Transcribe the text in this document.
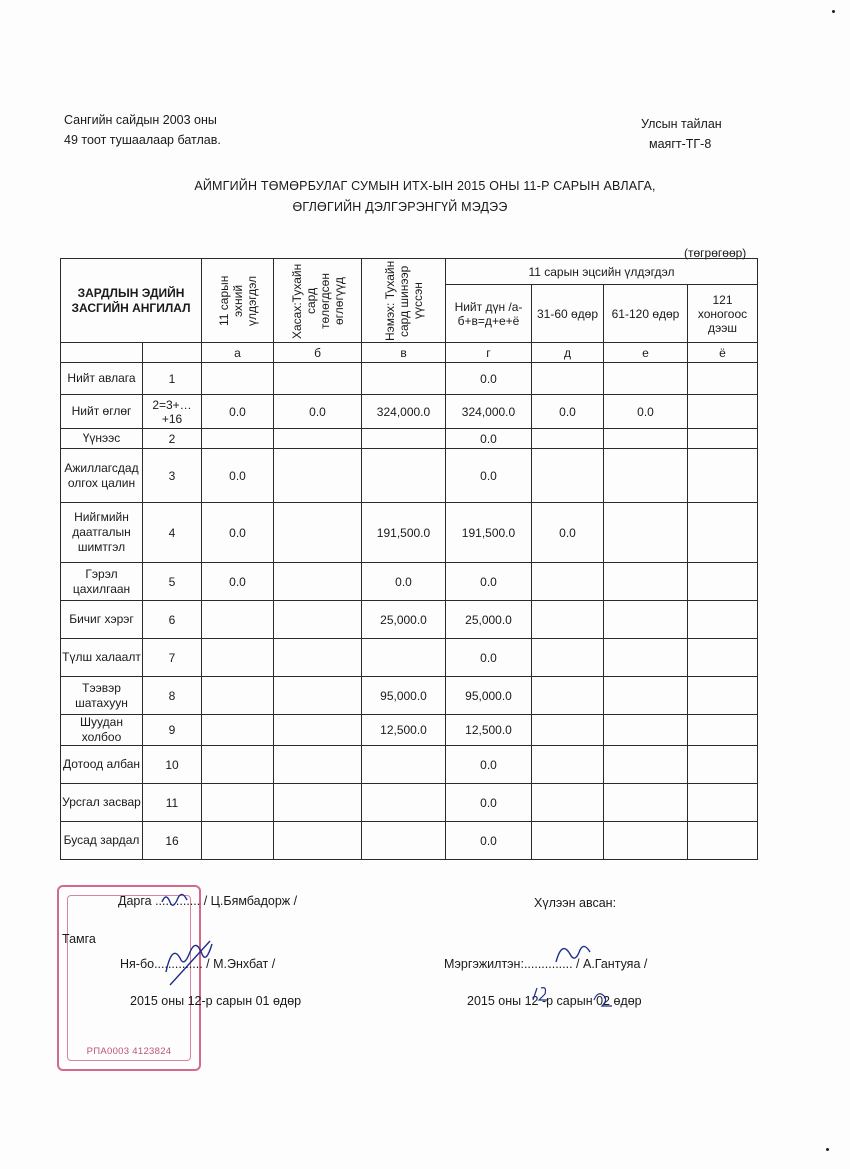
Сангийн сайдын 2003 оны
49 тоот тушаалаар батлав.
Улсын тайлан
маягт-ТГ-8
АЙМГИЙН ТӨМӨРБУЛАГ СУМЫН ИТХ-ЫН 2015 ОНЫ 11-Р САРЫН АВЛАГА,
ӨГЛӨГИЙН ДЭЛГЭРЭНГҮЙ МЭДЭЭ
(төгрөгөөр)
ЗАРДЛЫН ЭДИЙН ЗАСГИЙН АНГИЛАЛ		11 сарын эхний үлдэгдэл	Хасах:Тухайн сард төлөгдсөн өглөгүүд	Нэмэх: Тухайн сард шинээр үүссэн	11 сарын эцсийн үлдэгдэл			
					Нийт дүн /а-б+в=д+е+ё	31-60 өдөр	61-120 өдөр	121 хоногоос дээш
		а	б	в	г	д	е	ё
Нийт авлага	1				0.0			
Нийт өглөг	2=3+…+16	0.0	0.0	324,000.0	324,000.0	0.0	0.0	
Үүнээс	2				0.0			
Ажиллагсдад олгох цалин	3	0.0			0.0			
Нийгмийн даатгалын шимтгэл	4	0.0		191,500.0	191,500.0	0.0		
Гэрэл цахилгаан	5	0.0		0.0	0.0			
Бичиг хэрэг	6			25,000.0	25,000.0			
Түлш халаалт	7				0.0			
Тээвэр шатахуун	8			95,000.0	95,000.0			
Шуудан холбоо	9			12,500.0	12,500.0			
Дотоод албан	10				0.0			
Урсгал засвар	11				0.0			
Бусад зардал	16				0.0			
РПА0003 4123824
Дарга ............. / Ц.Бямбадорж /
Тамга
Ня-бо.............. / М.Энхбат /
2015 оны 12-р сарын 01 өдөр
Хүлээн авсан:
Мэргэжилтэн:.............. / А.Гантуяа /
2015 оны 12 -р сарын 02 өдөр
